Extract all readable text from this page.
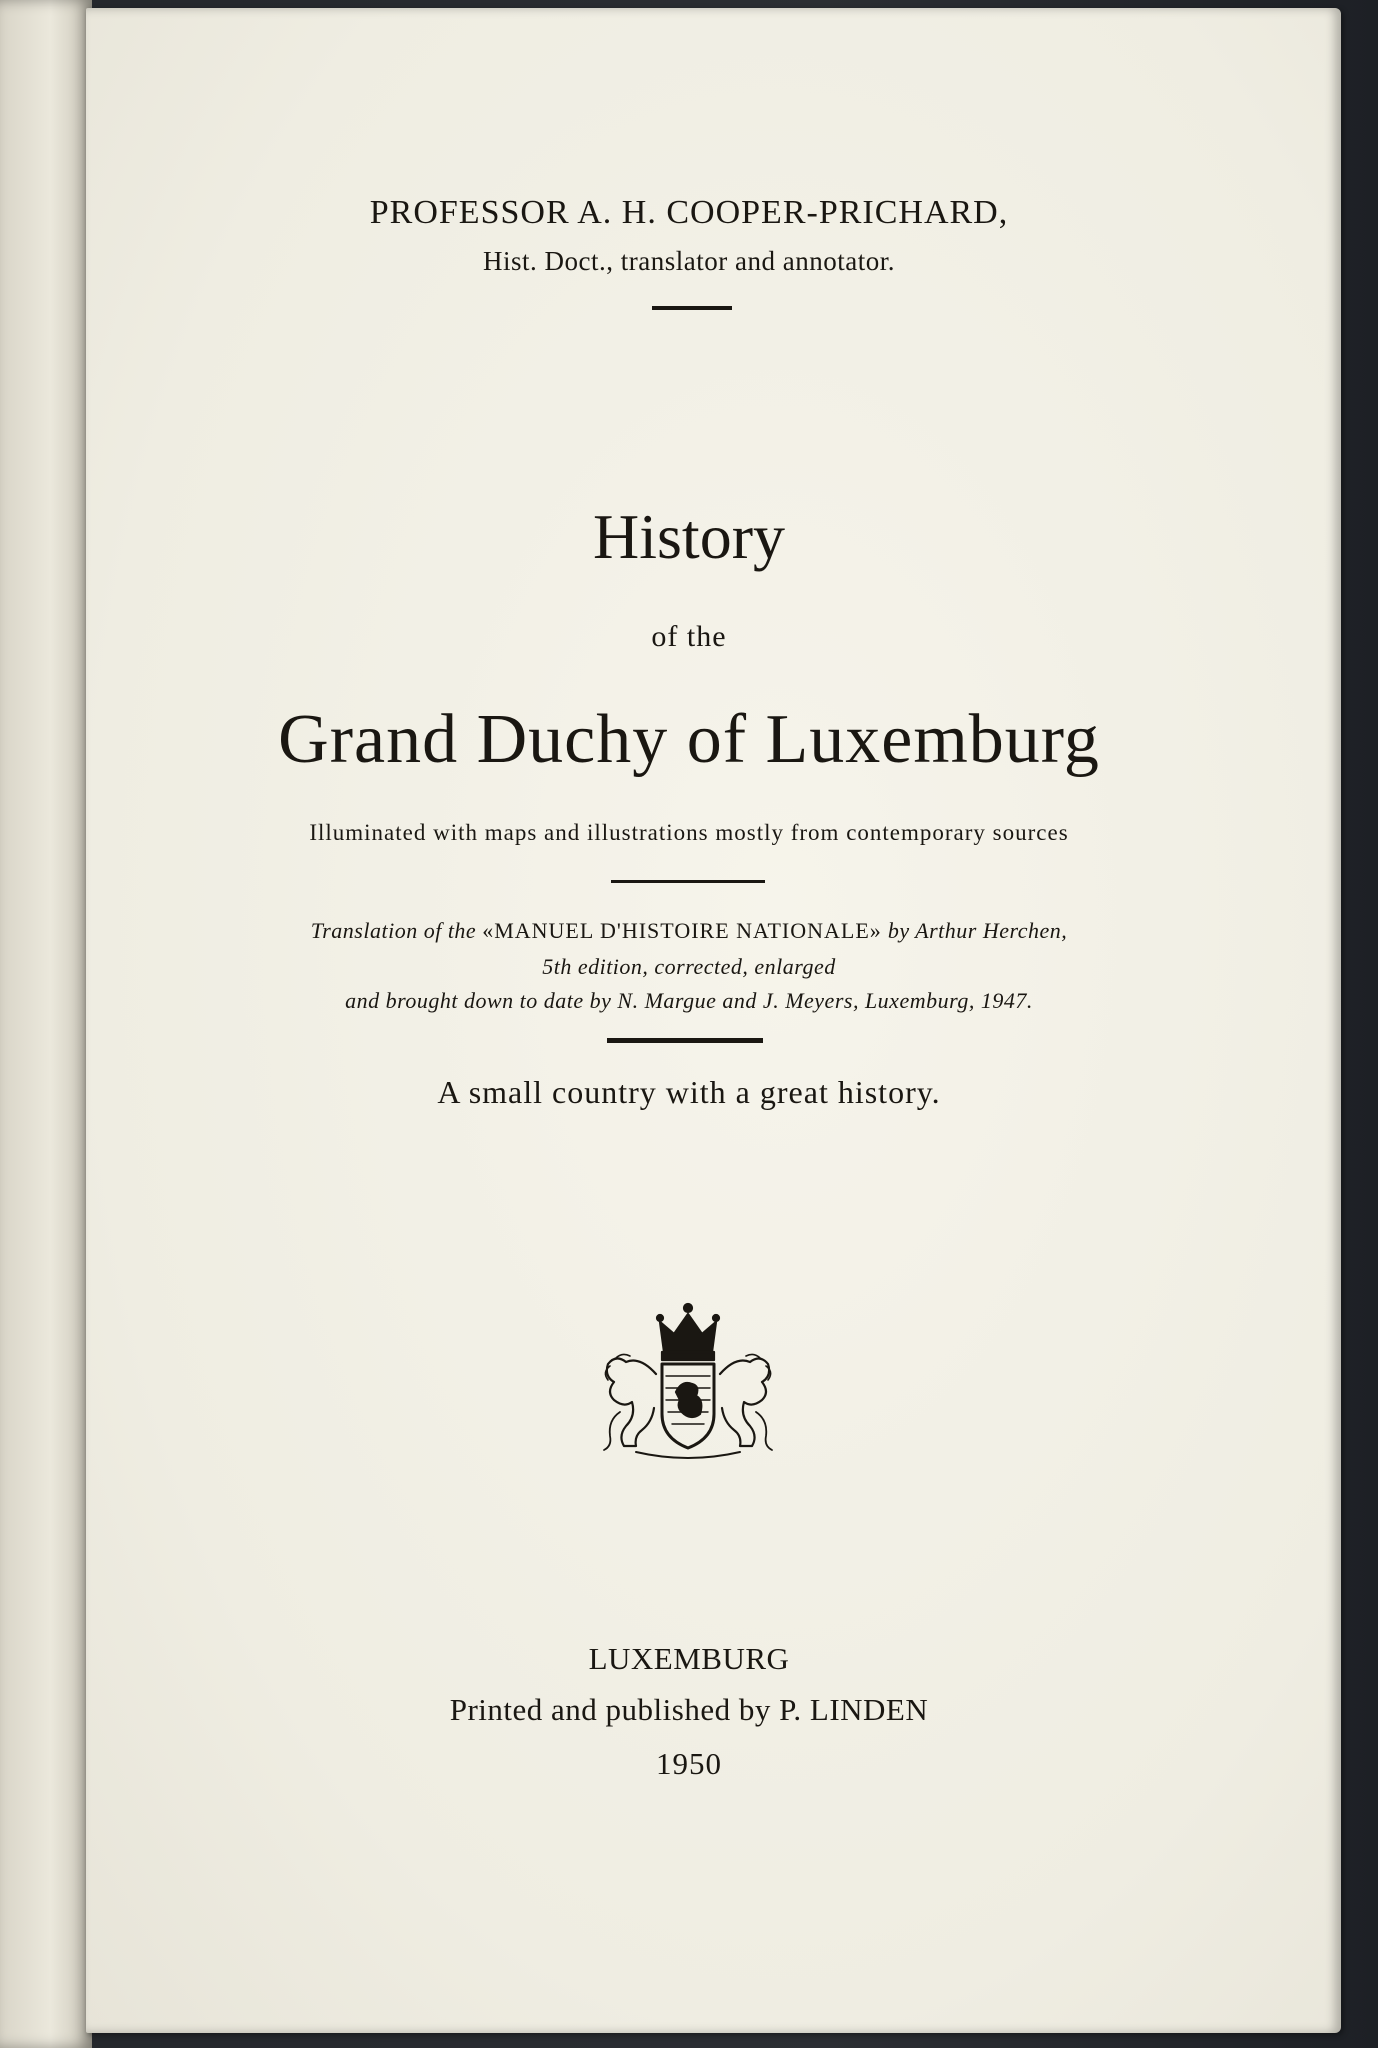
PROFESSOR A. H. COOPER-PRICHARD,
Hist. Doct., translator and annotator.
History
of the
Grand Duchy of Luxemburg
Illuminated with maps and illustrations mostly from contemporary sources
Translation of the «MANUEL D'HISTOIRE NATIONALE» by Arthur Herchen,
5th edition, corrected, enlarged
and brought down to date by N. Margue and J. Meyers, Luxemburg, 1947.
A small country with a great history.
LUXEMBURG
Printed and published by P. LINDEN
1950
